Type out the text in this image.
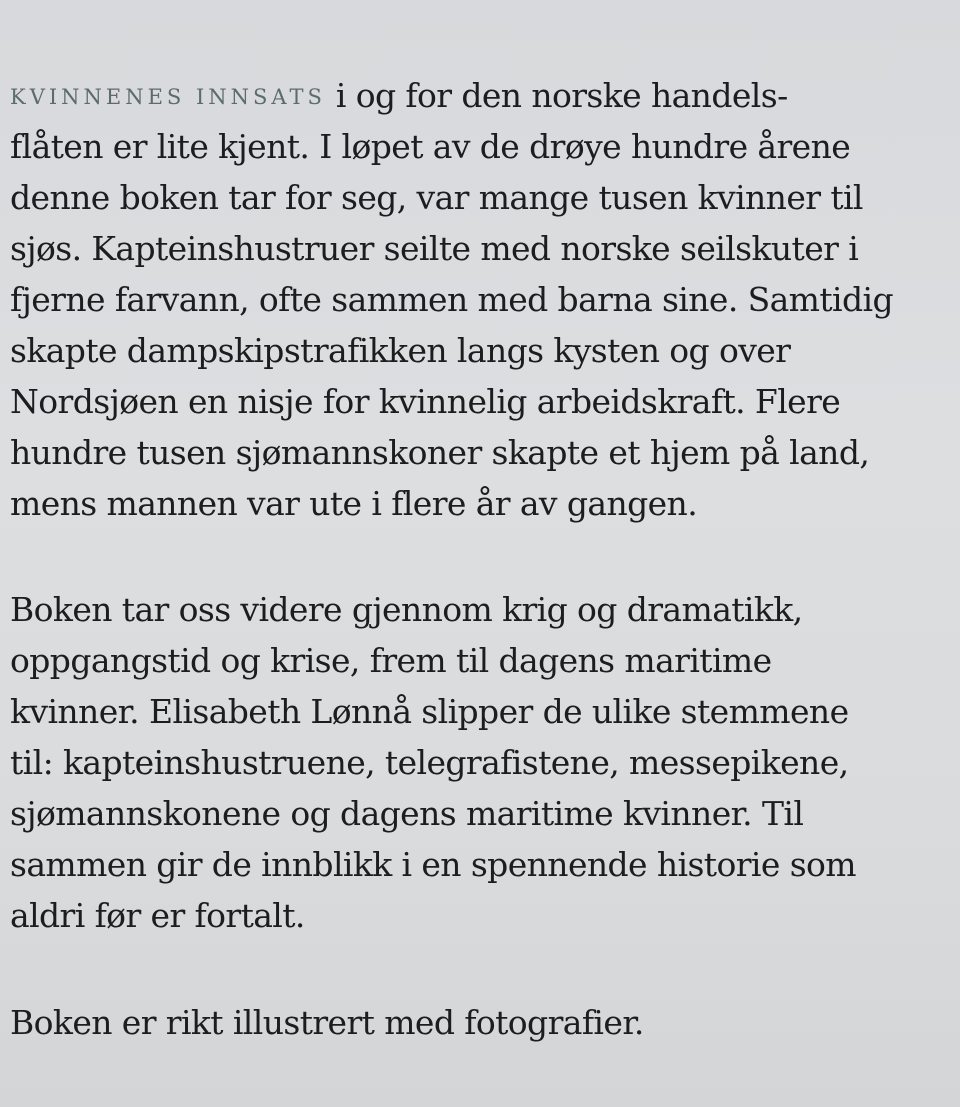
KVINNENES INNSATS i og for den norske handels-
flåten er lite kjent. I løpet av de drøye hundre årene
denne boken tar for seg, var mange tusen kvinner til
sjøs. Kapteinshustruer seilte med norske seilskuter i
fjerne farvann, ofte sammen med barna sine. Samtidig
skapte dampskipstrafikken langs kysten og over
Nordsjøen en nisje for kvinnelig arbeidskraft. Flere
hundre tusen sjømannskoner skapte et hjem på land,
mens mannen var ute i flere år av gangen.
Boken tar oss videre gjennom krig og dramatikk,
oppgangstid og krise, frem til dagens maritime
kvinner. Elisabeth Lønnå slipper de ulike stemmene
til: kapteinshustruene, telegrafistene, messepikene,
sjømannskonene og dagens maritime kvinner. Til
sammen gir de innblikk i en spennende historie som
aldri før er fortalt.
Boken er rikt illustrert med fotografier.
